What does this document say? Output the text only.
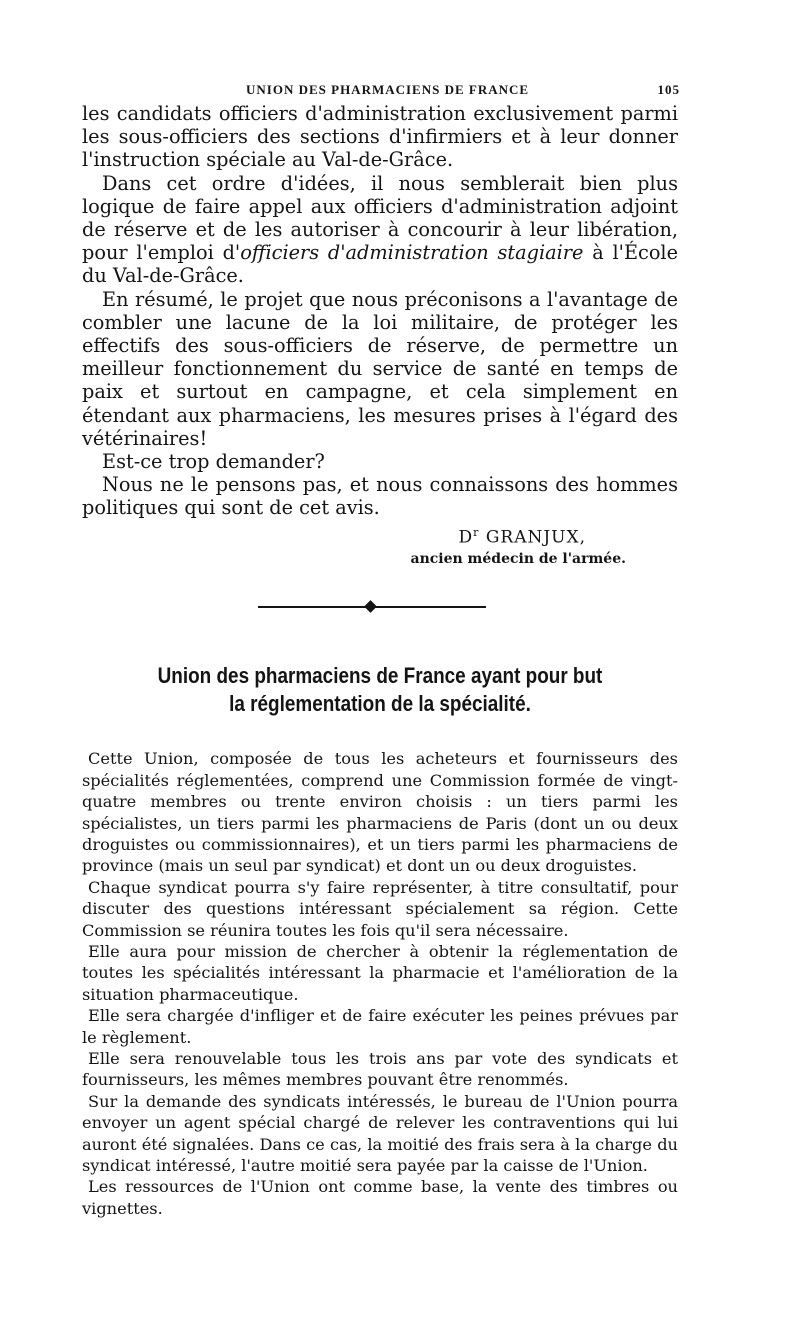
UNION DES PHARMACIENS DE FRANCE	105

les candidats officiers d'administration exclusivement parmi les sous-officiers des sections d'infirmiers et à leur donner l'instruction spéciale au Val-de-Grâce.

Dans cet ordre d'idées, il nous semblerait bien plus logique de faire appel aux officiers d'administration adjoint de réserve et de les autoriser à concourir à leur libération, pour l'emploi d'officiers d'administration stagiaire à l'École du Val-de-Grâce.

En résumé, le projet que nous préconisons a l'avantage de combler une lacune de la loi militaire, de protéger les effectifs des sous-officiers de réserve, de permettre un meilleur fonctionnement du service de santé en temps de paix et surtout en campagne, et cela simplement en étendant aux pharmaciens, les mesures prises à l'égard des vétérinaires!

Est-ce trop demander?

Nous ne le pensons pas, et nous connaissons des hommes politiques qui sont de cet avis.

$D^r$ GRANJUX,
ancien médecin de l'armée.
Union des pharmaciens de France ayant pour but
la réglementation de la spécialité.

Cette Union, composée de tous les acheteurs et fournisseurs des spécialités réglementées, comprend une Commission formée de vingt-quatre membres ou trente environ choisis : un tiers parmi les spécialistes, un tiers parmi les pharmaciens de Paris (dont un ou deux droguistes ou commissionnaires), et un tiers parmi les pharmaciens de province (mais un seul par syndicat) et dont un ou deux droguistes.

Chaque syndicat pourra s'y faire représenter, à titre consultatif, pour discuter des questions intéressant spécialement sa région. Cette Commission se réunira toutes les fois qu'il sera nécessaire.

Elle aura pour mission de chercher à obtenir la réglementation de toutes les spécialités intéressant la pharmacie et l'amélioration de la situation pharmaceutique.

Elle sera chargée d'infliger et de faire exécuter les peines prévues par le règlement.

Elle sera renouvelable tous les trois ans par vote des syndicats et fournisseurs, les mêmes membres pouvant être renommés.

Sur la demande des syndicats intéressés, le bureau de l'Union pourra envoyer un agent spécial chargé de relever les contraventions qui lui auront été signalées. Dans ce cas, la moitié des frais sera à la charge du syndicat intéressé, l'autre moitié sera payée par la caisse de l'Union.

Les ressources de l'Union ont comme base, la vente des timbres ou vignettes.
